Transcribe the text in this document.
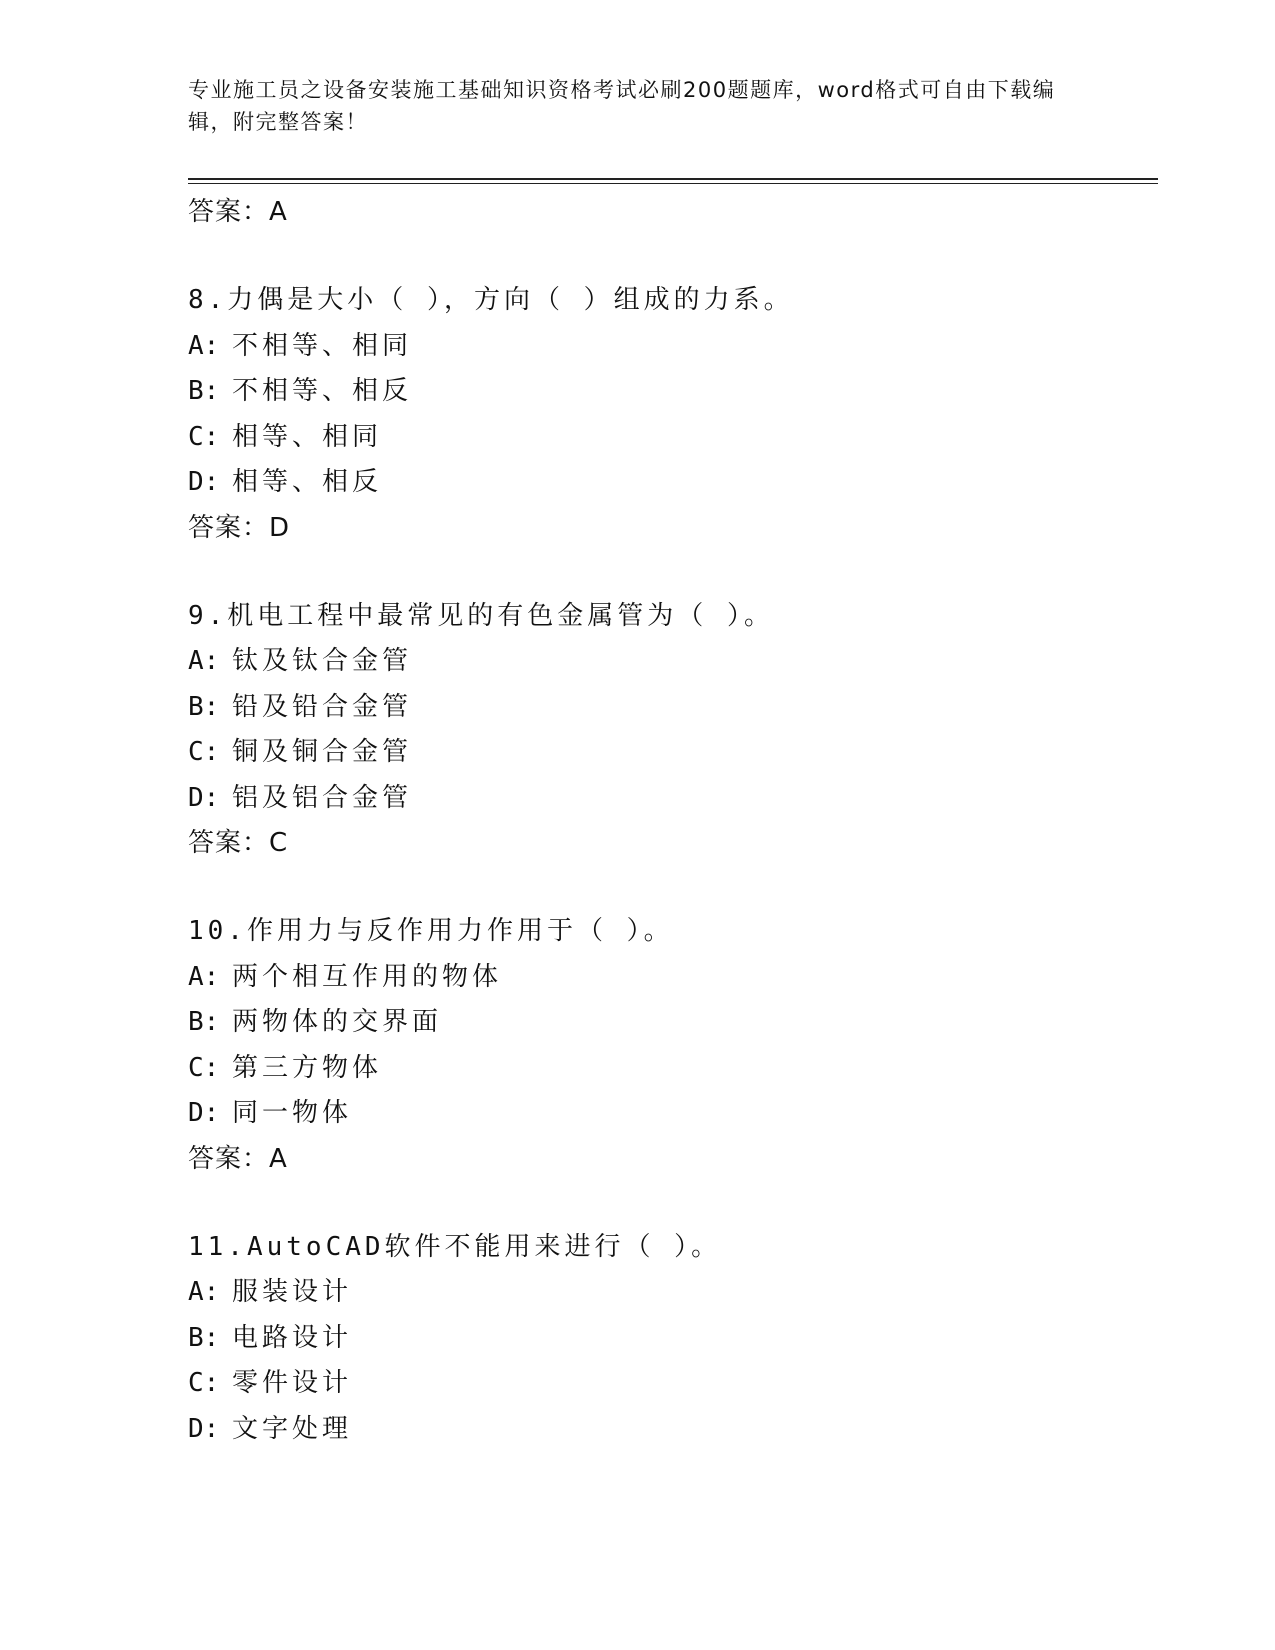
专业施工员之设备安装施工基础知识资格考试必刷200题题库，word格式可自由下载编辑，附完整答案！
答案：A
8.力偶是大小（ ），方向（ ）组成的力系。
A: 不相等、相同
B: 不相等、相反
C: 相等、相同
D: 相等、相反
答案：D
9.机电工程中最常见的有色金属管为（ ）。
A: 钛及钛合金管
B: 铅及铅合金管
C: 铜及铜合金管
D: 铝及铝合金管
答案：C
10.作用力与反作用力作用于（ ）。
A: 两个相互作用的物体
B: 两物体的交界面
C: 第三方物体
D: 同一物体
答案：A
11.AutoCAD软件不能用来进行（ ）。
A: 服装设计
B: 电路设计
C: 零件设计
D: 文字处理
